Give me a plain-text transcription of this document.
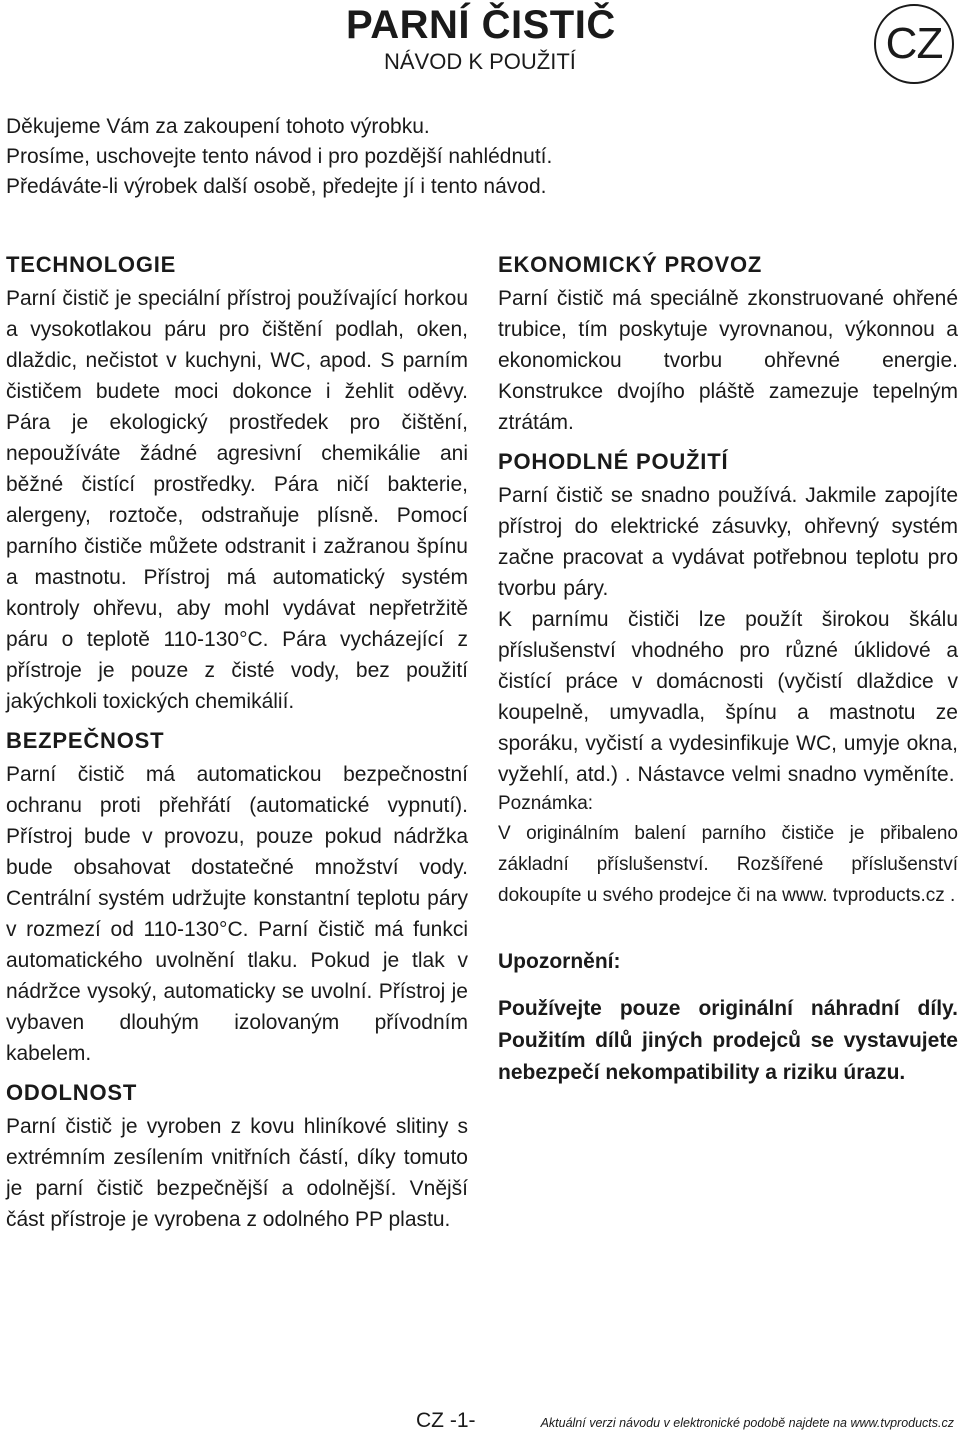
PARNÍ ČISTIČ
NÁVOD K POUŽITÍ	CZ
Děkujeme Vám za zakoupení tohoto výrobku.
Prosíme, uschovejte tento návod i pro pozdější nahlédnutí.
Předáváte-li výrobek další osobě, předejte jí i tento návod.
TECHNOLOGIE

Parní čistič je speciální přístroj používající horkou a vysokotlakou páru pro čištění podlah, oken, dlaždic, nečistot v kuchyni, WC, apod. S parním čističem budete moci dokonce i žehlit oděvy. Pára je ekologický prostředek pro čištění, nepoužíváte žádné agresivní chemikálie ani běžné čistící prostředky. Pára ničí bakterie, alergeny, roztoče, odstraňuje plísně. Pomocí parního čističe můžete odstranit i zažranou špínu a mastnotu. Přístroj má automatický systém kontroly ohřevu, aby mohl vydávat nepřetržitě páru o teplotě 110-130°C. Pára vycházející z přístroje je pouze z čisté vody, bez použití jakýchkoli toxických chemikálií.

BEZPEČNOST

Parní čistič má automatickou bezpečnostní ochranu proti přehřátí (automatické vypnutí). Přístroj bude v provozu, pouze pokud nádržka bude obsahovat dostatečné množství vody. Centrální systém udržujte konstantní teplotu páry v rozmezí od 110-130°C. Parní čistič má funkci automatického uvolnění tlaku. Pokud je tlak v nádržce vysoký, automaticky se uvolní. Přístroj je vybaven dlouhým izolovaným přívodním kabelem.

ODOLNOST

Parní čistič je vyroben z kovu hliníkové slitiny s extrémním zesílením vnitřních částí, díky tomuto je parní čistič bezpečnější a odolnější. Vnější část přístroje je vyrobena z odolného PP plastu.

EKONOMICKÝ PROVOZ

Parní čistič má speciálně zkonstruované ohřené trubice, tím poskytuje vyrovnanou, výkonnou a ekonomickou tvorbu ohřevné energie. Konstrukce dvojího pláště zamezuje tepelným ztrátám.

POHODLNÉ POUŽITÍ

Parní čistič se snadno používá. Jakmile zapojíte přístroj do elektrické zásuvky, ohřevný systém začne pracovat a vydávat potřebnou teplotu pro tvorbu páry.

K parnímu čističi lze použít širokou škálu příslušenství vhodného pro různé úklidové a čistící práce v domácnosti (vyčistí dlaždice v koupelně, umyvadla, špínu a mastnotu ze sporáku, vyčistí a vydesinfikuje WC, umyje okna, vyžehlí, atd.) . Nástavce velmi snadno vyměníte.

Poznámka:

V originálním balení parního čističe je přibaleno základní příslušenství. Rozšířené příslušenství dokoupíte u svého prodejce či na www. tvproducts.cz .

Upozornění:

Používejte pouze originální náhradní díly. Použitím dílů jiných prodejců se vystavujete nebezpečí nekompatibility a riziku úrazu.

CZ -1-	Aktuální verzi návodu v elektronické podobě najdete na www.tvproducts.cz
